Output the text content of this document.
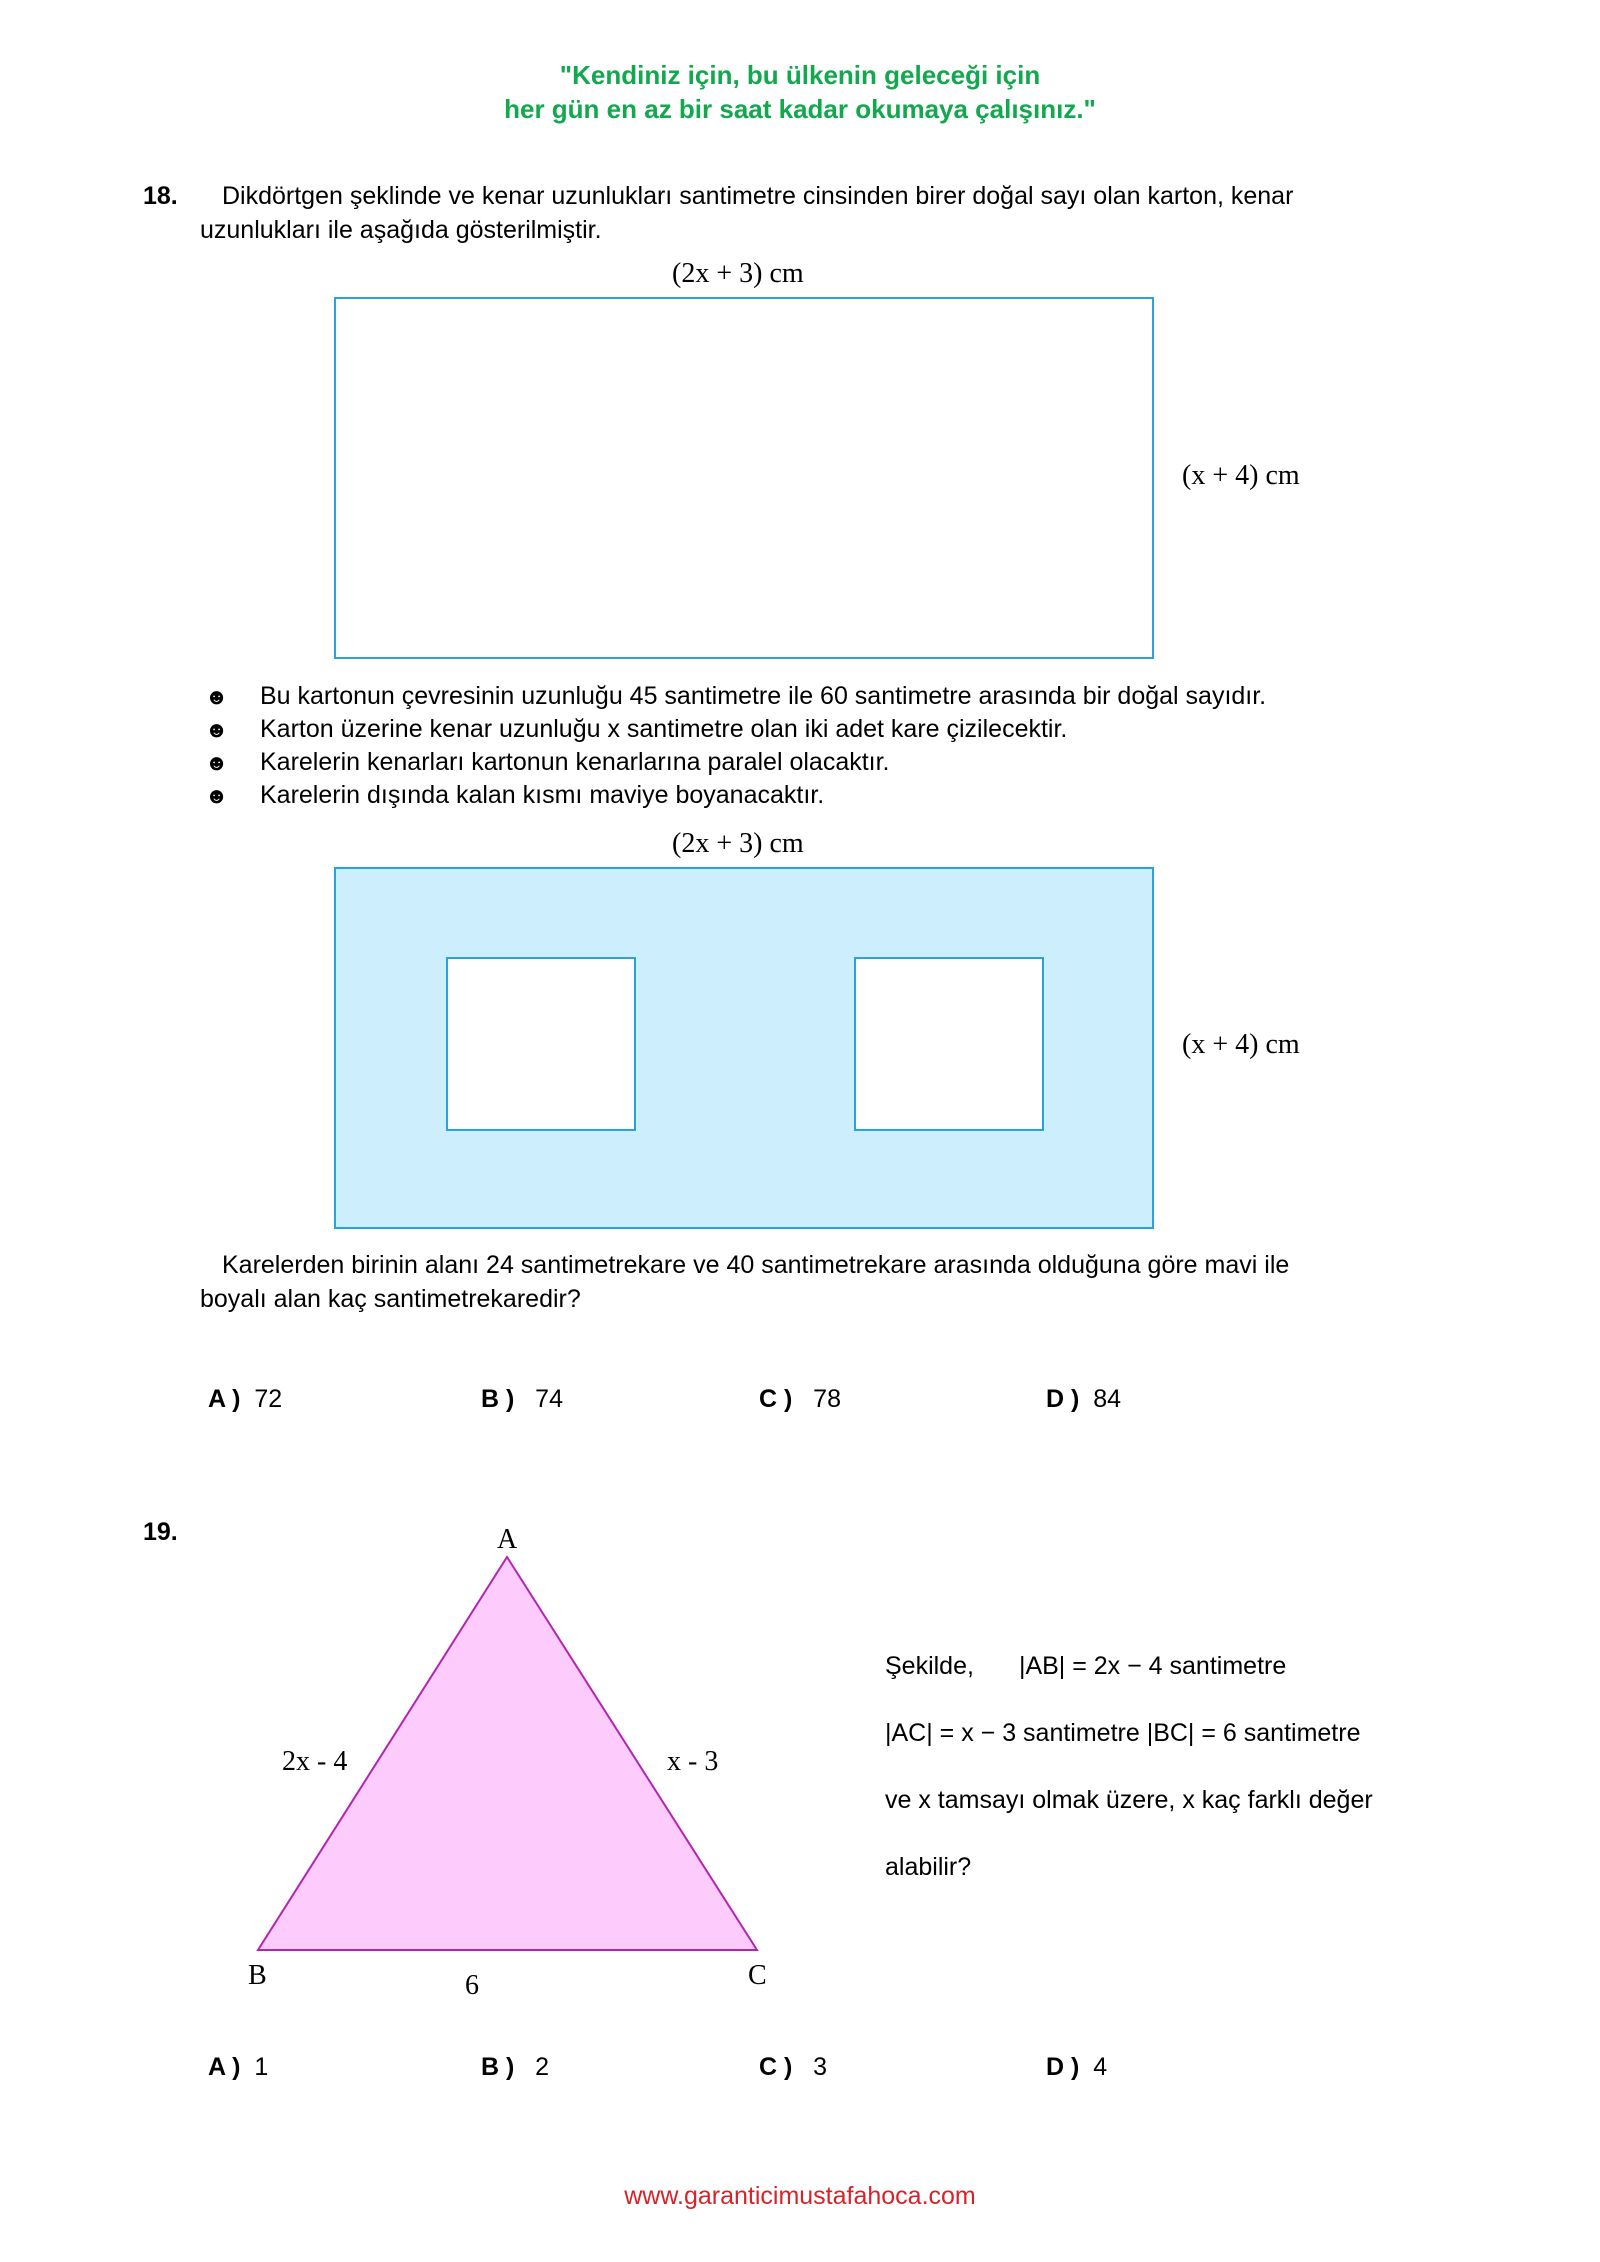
"Kendiniz için, bu ülkenin geleceği için
her gün en az bir saat kadar okumaya çalışınız."
18. Dikdörtgen şeklinde ve kenar uzunlukları santimetre cinsinden birer doğal sayı olan karton, kenar
uzunlukları ile aşağıda gösterilmiştir.
(2x + 3) cm
(x + 4) cm
☻ Bu kartonun çevresinin uzunluğu 45 santimetre ile 60 santimetre arasında bir doğal sayıdır.
☻ Karton üzerine kenar uzunluğu x santimetre olan iki adet kare çizilecektir.
☻ Karelerin kenarları kartonun kenarlarına paralel olacaktır.
☻ Karelerin dışında kalan kısmı maviye boyanacaktır.
(2x + 3) cm
(x + 4) cm
Karelerden birinin alanı 24 santimetrekare ve 40 santimetrekare arasında olduğuna göre mavi ile
boyalı alan kaç santimetrekaredir?
A ) 72	B ) 74	C ) 78	D ) 84
19.	A
B	C
2x - 4	x - 3
6
Şekilde, |AB| = 2x − 4 santimetre
|AC| = x − 3 santimetre |BC| = 6 santimetre
ve x tamsayı olmak üzere, x kaç farklı değer
alabilir?
A ) 1	B ) 2	C ) 3	D ) 4
www.garanticimustafahoca.com
